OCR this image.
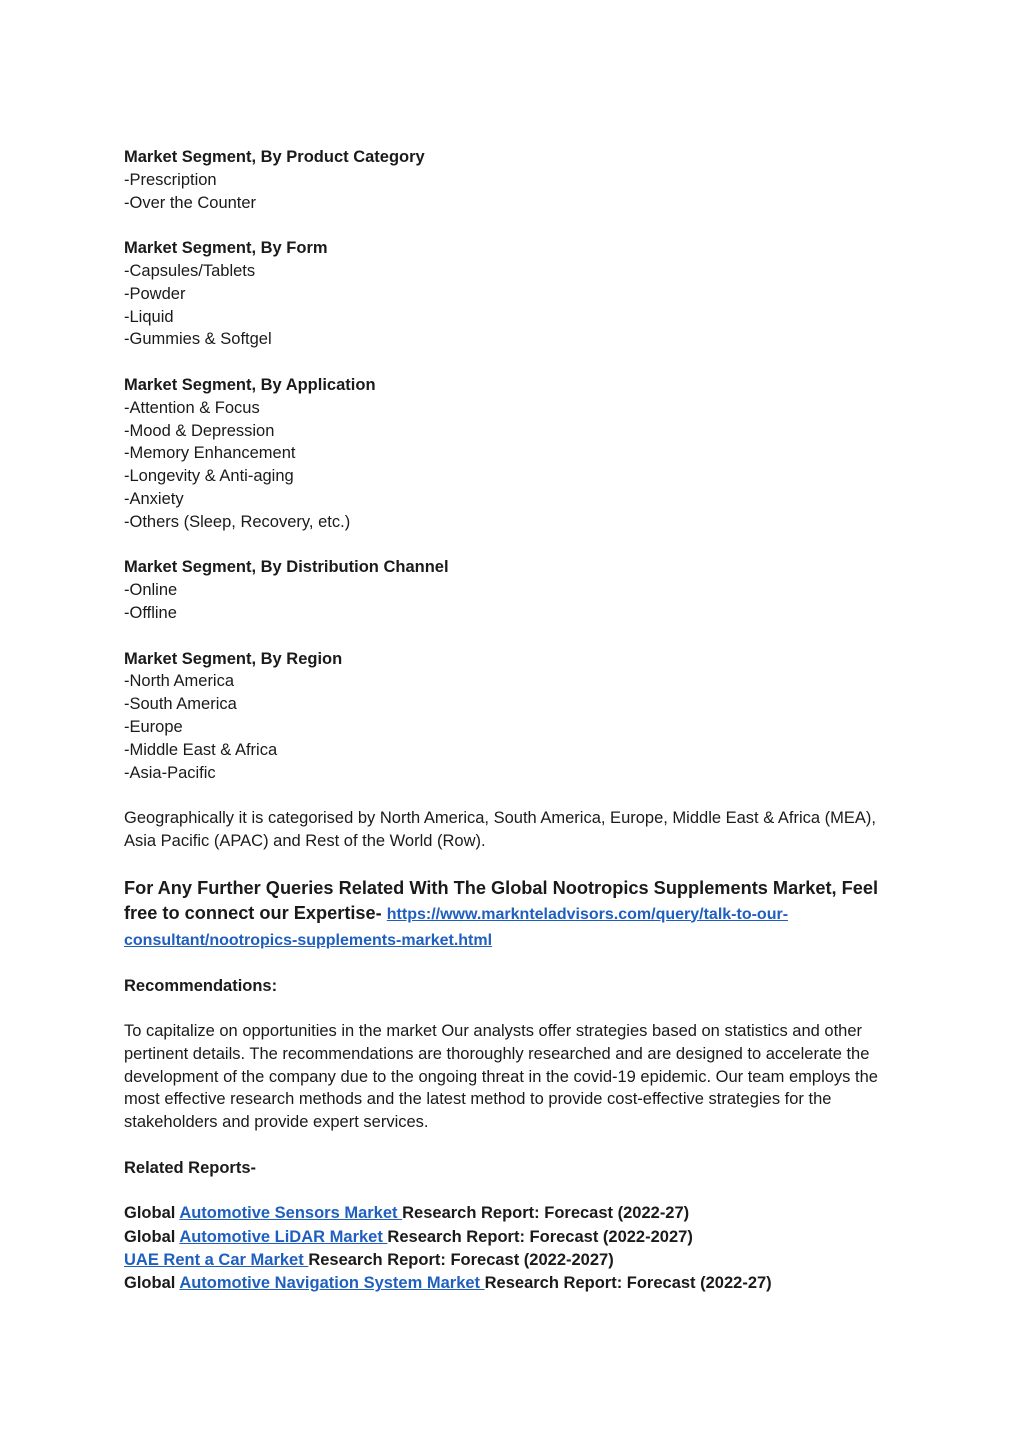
Market Segment, By Product Category
-Prescription
-Over the Counter
Market Segment, By Form
-Capsules/Tablets
-Powder
-Liquid
-Gummies & Softgel
Market Segment, By Application
-Attention & Focus
-Mood & Depression
-Memory Enhancement
-Longevity & Anti-aging
-Anxiety
-Others (Sleep, Recovery, etc.)
Market Segment, By Distribution Channel
-Online
-Offline
Market Segment, By Region
-North America
-South America
-Europe
-Middle East & Africa
-Asia-Pacific

Geographically it is categorised by North America, South America, Europe, Middle East & Africa (MEA), Asia Pacific (APAC) and Rest of the World (Row).

For Any Further Queries Related With The Global Nootropics Supplements Market, Feel free to connect our Expertise- https://www.marknteladvisors.com/query/talk-to-our-consultant/nootropics-supplements-market.html

Recommendations:

To capitalize on opportunities in the market Our analysts offer strategies based on statistics and other pertinent details. The recommendations are thoroughly researched and are designed to accelerate the development of the company due to the ongoing threat in the covid-19 epidemic. Our team employs the most effective research methods and the latest method to provide cost-effective strategies for the stakeholders and provide expert services.

Related Reports-

Global Automotive Sensors Market Research Report: Forecast (2022-27)
Global Automotive LiDAR Market Research Report: Forecast (2022-2027)
UAE Rent a Car Market Research Report: Forecast (2022-2027)
Global Automotive Navigation System Market Research Report: Forecast (2022-27)
